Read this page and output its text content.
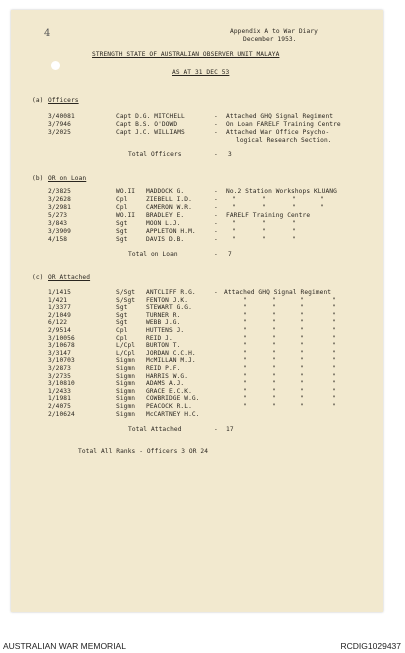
4	Appendix A to War Diary
December 1953.
STRENGTH STATE OF AUSTRALIAN OBSERVER UNIT MALAYA
AS AT 31 DEC 53
(a) Officers
3/40081	Capt D.G. MITCHELL	- Attached GHQ Signal Regiment
3/7946	Capt B.S. O'DOWD	- On Loan FARELF Training Centre
3/2025	Capt J.C. WILLIAMS	- Attached War Office Psycho-
logical Research Section.
Total Officers	- 3
(b) OR on Loan
2/3825	WO.II MADDOCK G.	- No.2 Station Workshops KLUANG
3/2628	Cpl	ZIEBELL I.D.	- "	"	"	"
3/2981	Cpl	CAMERON W.R.	- "	"	"	"
5/273	WO.II BRADLEY E.	- FARELF Training Centre
3/843	Sgt	MOON L.J.	- "	"	"
3/3909	Sgt	APPLETON H.M.	- "	"	"
4/158	Sgt	DAVIS D.B.	- "	"	"
Total on Loan	- 7
(c) OR Attached
1/1415	S/Sgt ANTCLIFF R.G.	- Attached GHQ Signal Regiment
1/421	S/Sgt FENTON J.K.	"	"	"	"
1/3377	Sgt	STEWART G.G.	"	"	"	"
2/1049	Sgt	TURNER R.	"	"	"	"
6/122	Sgt	WEBB J.G.	"	"	"	"
2/9514	Cpl	HUTTENS J.	"	"	"	"
3/10056	Cpl	REID J.	"	"	"	"
3/10678	L/Cpl BURTON T.	"	"	"	"
3/3147	L/Cpl JORDAN C.C.H.	"	"	"	"
3/10703	Sigmn McMILLAN M.J.	"	"	"	"
3/2873	Sigmn REID P.F.	"	"	"	"
3/2735	Sigmn HARRIS W.G.	"	"	"	"
3/10810	Sigmn ADAMS A.J.	"	"	"	"
1/2433	Sigmn GRACE E.C.K.	"	"	"	"
1/1981	Sigmn COWBRIDGE W.G.	"	"	"	"
2/4075	Sigmn PEACOCK R.L.	"	"	"	"
2/10624	Sigmn McCARTNEY H.C.
Total Attached	- 17
Total All Ranks - Officers 3 OR 24
AUSTRALIAN WAR MEMORIAL	RCDIG1029437
